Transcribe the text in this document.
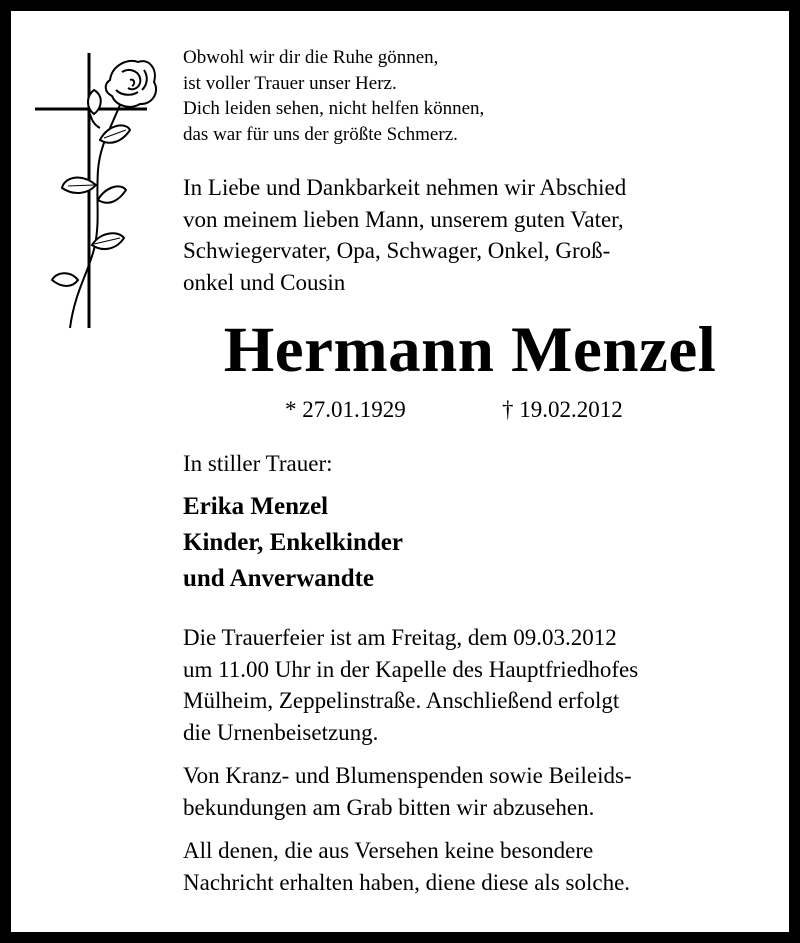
Obwohl wir dir die Ruhe gönnen,
ist voller Trauer unser Herz.
Dich leiden sehen, nicht helfen können,
das war für uns der größte Schmerz.
In Liebe und Dankbarkeit nehmen wir Abschied
von meinem lieben Mann, unserem guten Vater,
Schwiegervater, Opa, Schwager, Onkel, Groß-
onkel und Cousin
Hermann Menzel
* 27.01.1929	† 19.02.2012
In stiller Trauer:
Erika Menzel
Kinder, Enkelkinder
und Anverwandte
Die Trauerfeier ist am Freitag, dem 09.03.2012
um 11.00 Uhr in der Kapelle des Hauptfriedhofes
Mülheim, Zeppelinstraße. Anschließend erfolgt
die Urnenbeisetzung.
Von Kranz- und Blumenspenden sowie Beileids-
bekundungen am Grab bitten wir abzusehen.
All denen, die aus Versehen keine besondere
Nachricht erhalten haben, diene diese als solche.
